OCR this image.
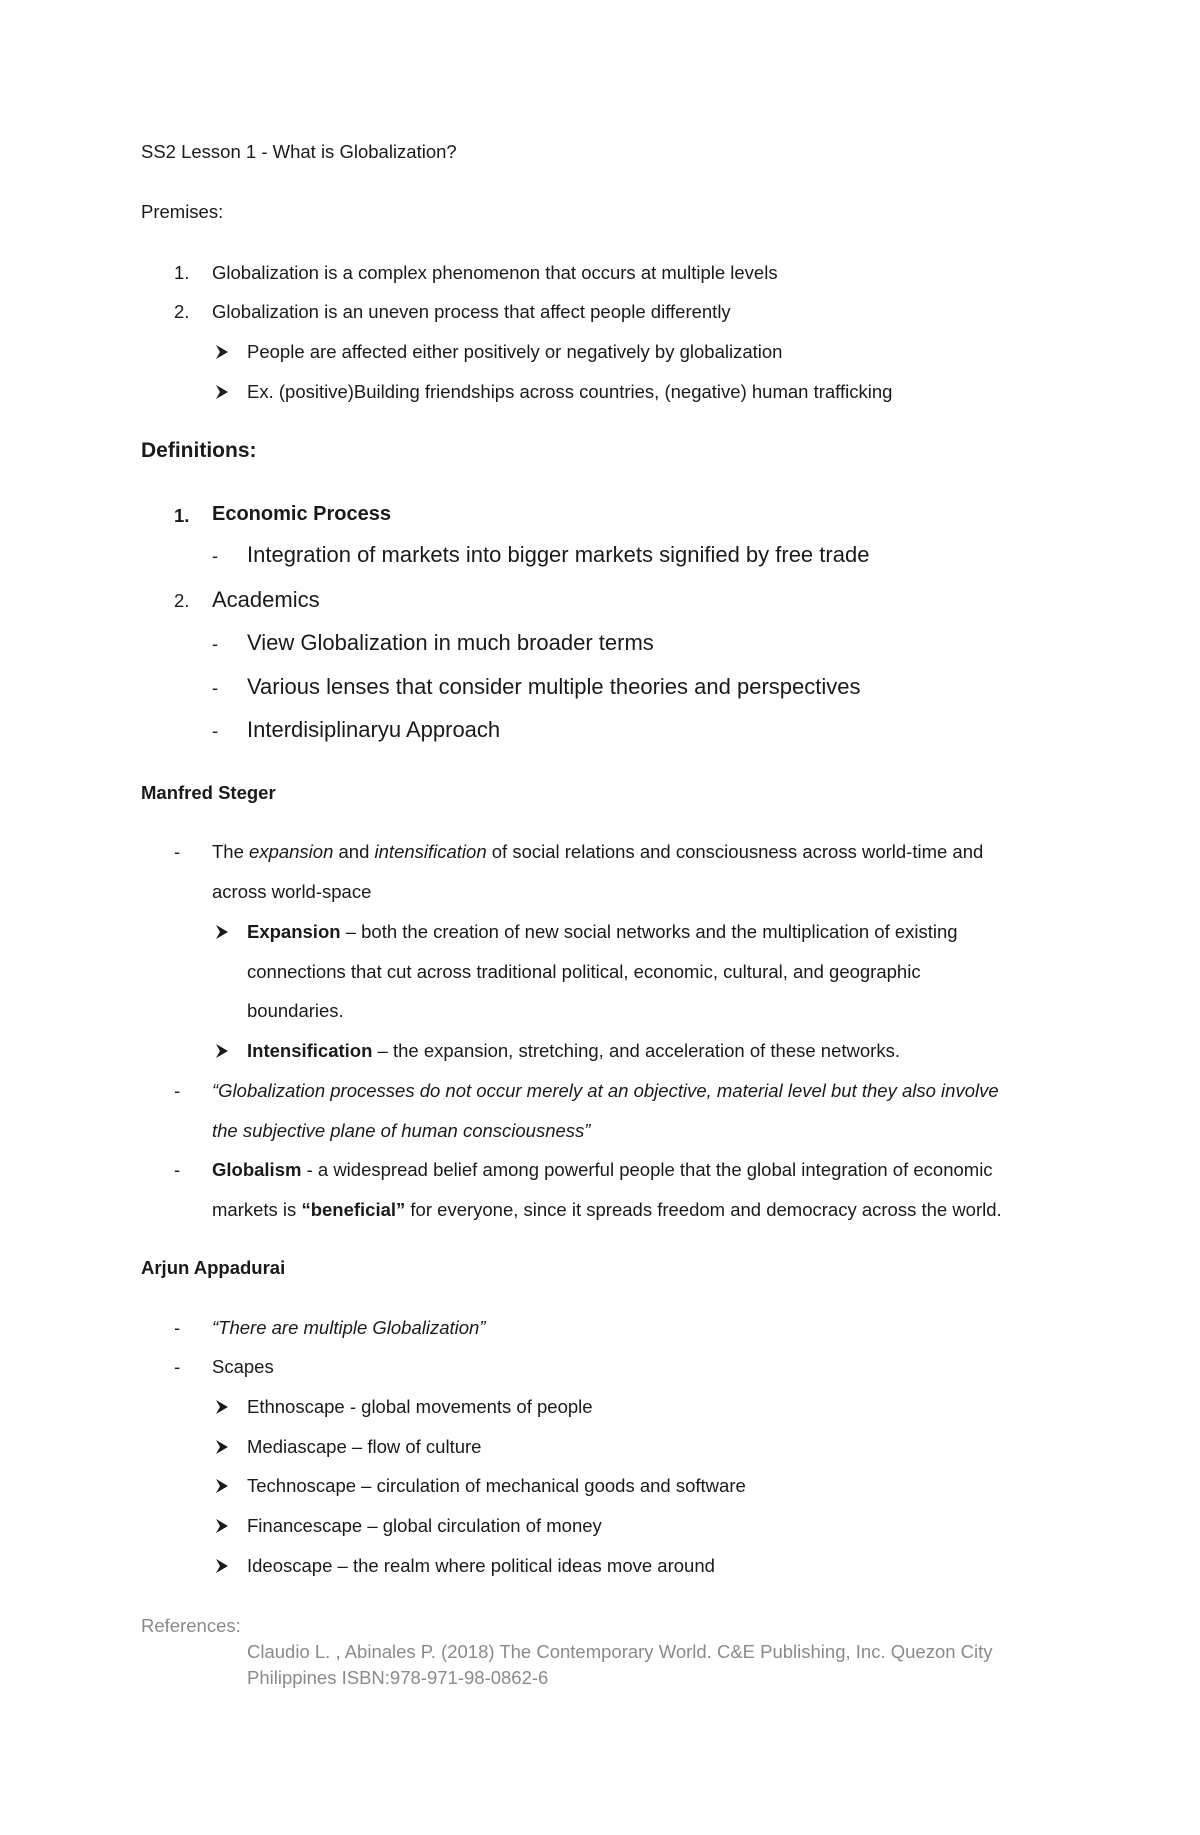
SS2 Lesson 1 - What is Globalization?
Premises:
1. Globalization is a complex phenomenon that occurs at multiple levels
2. Globalization is an uneven process that affect people differently
People are affected either positively or negatively by globalization
Ex. (positive)Building friendships across countries, (negative) human trafficking
Definitions:
1. Economic Process
- Integration of markets into bigger markets signified by free trade
2. Academics
- View Globalization in much broader terms
- Various lenses that consider multiple theories and perspectives
- Interdisiplinaryu Approach
Manfred Steger
- The expansion and intensification of social relations and consciousness across world-time and
across world-space
Expansion – both the creation of new social networks and the multiplication of existing
connections that cut across traditional political, economic, cultural, and geographic
boundaries.
Intensification – the expansion, stretching, and acceleration of these networks.
- “Globalization processes do not occur merely at an objective, material level but they also involve
the subjective plane of human consciousness”
- Globalism - a widespread belief among powerful people that the global integration of economic
markets is “beneficial” for everyone, since it spreads freedom and democracy across the world.
Arjun Appadurai
- “There are multiple Globalization”
- Scapes
Ethnoscape - global movements of people
Mediascape – flow of culture
Technoscape – circulation of mechanical goods and software
Financescape – global circulation of money
Ideoscape – the realm where political ideas move around
References:
Claudio L. , Abinales P. (2018) The Contemporary World. C&E Publishing, Inc. Quezon City
Philippines ISBN:978-971-98-0862-6
